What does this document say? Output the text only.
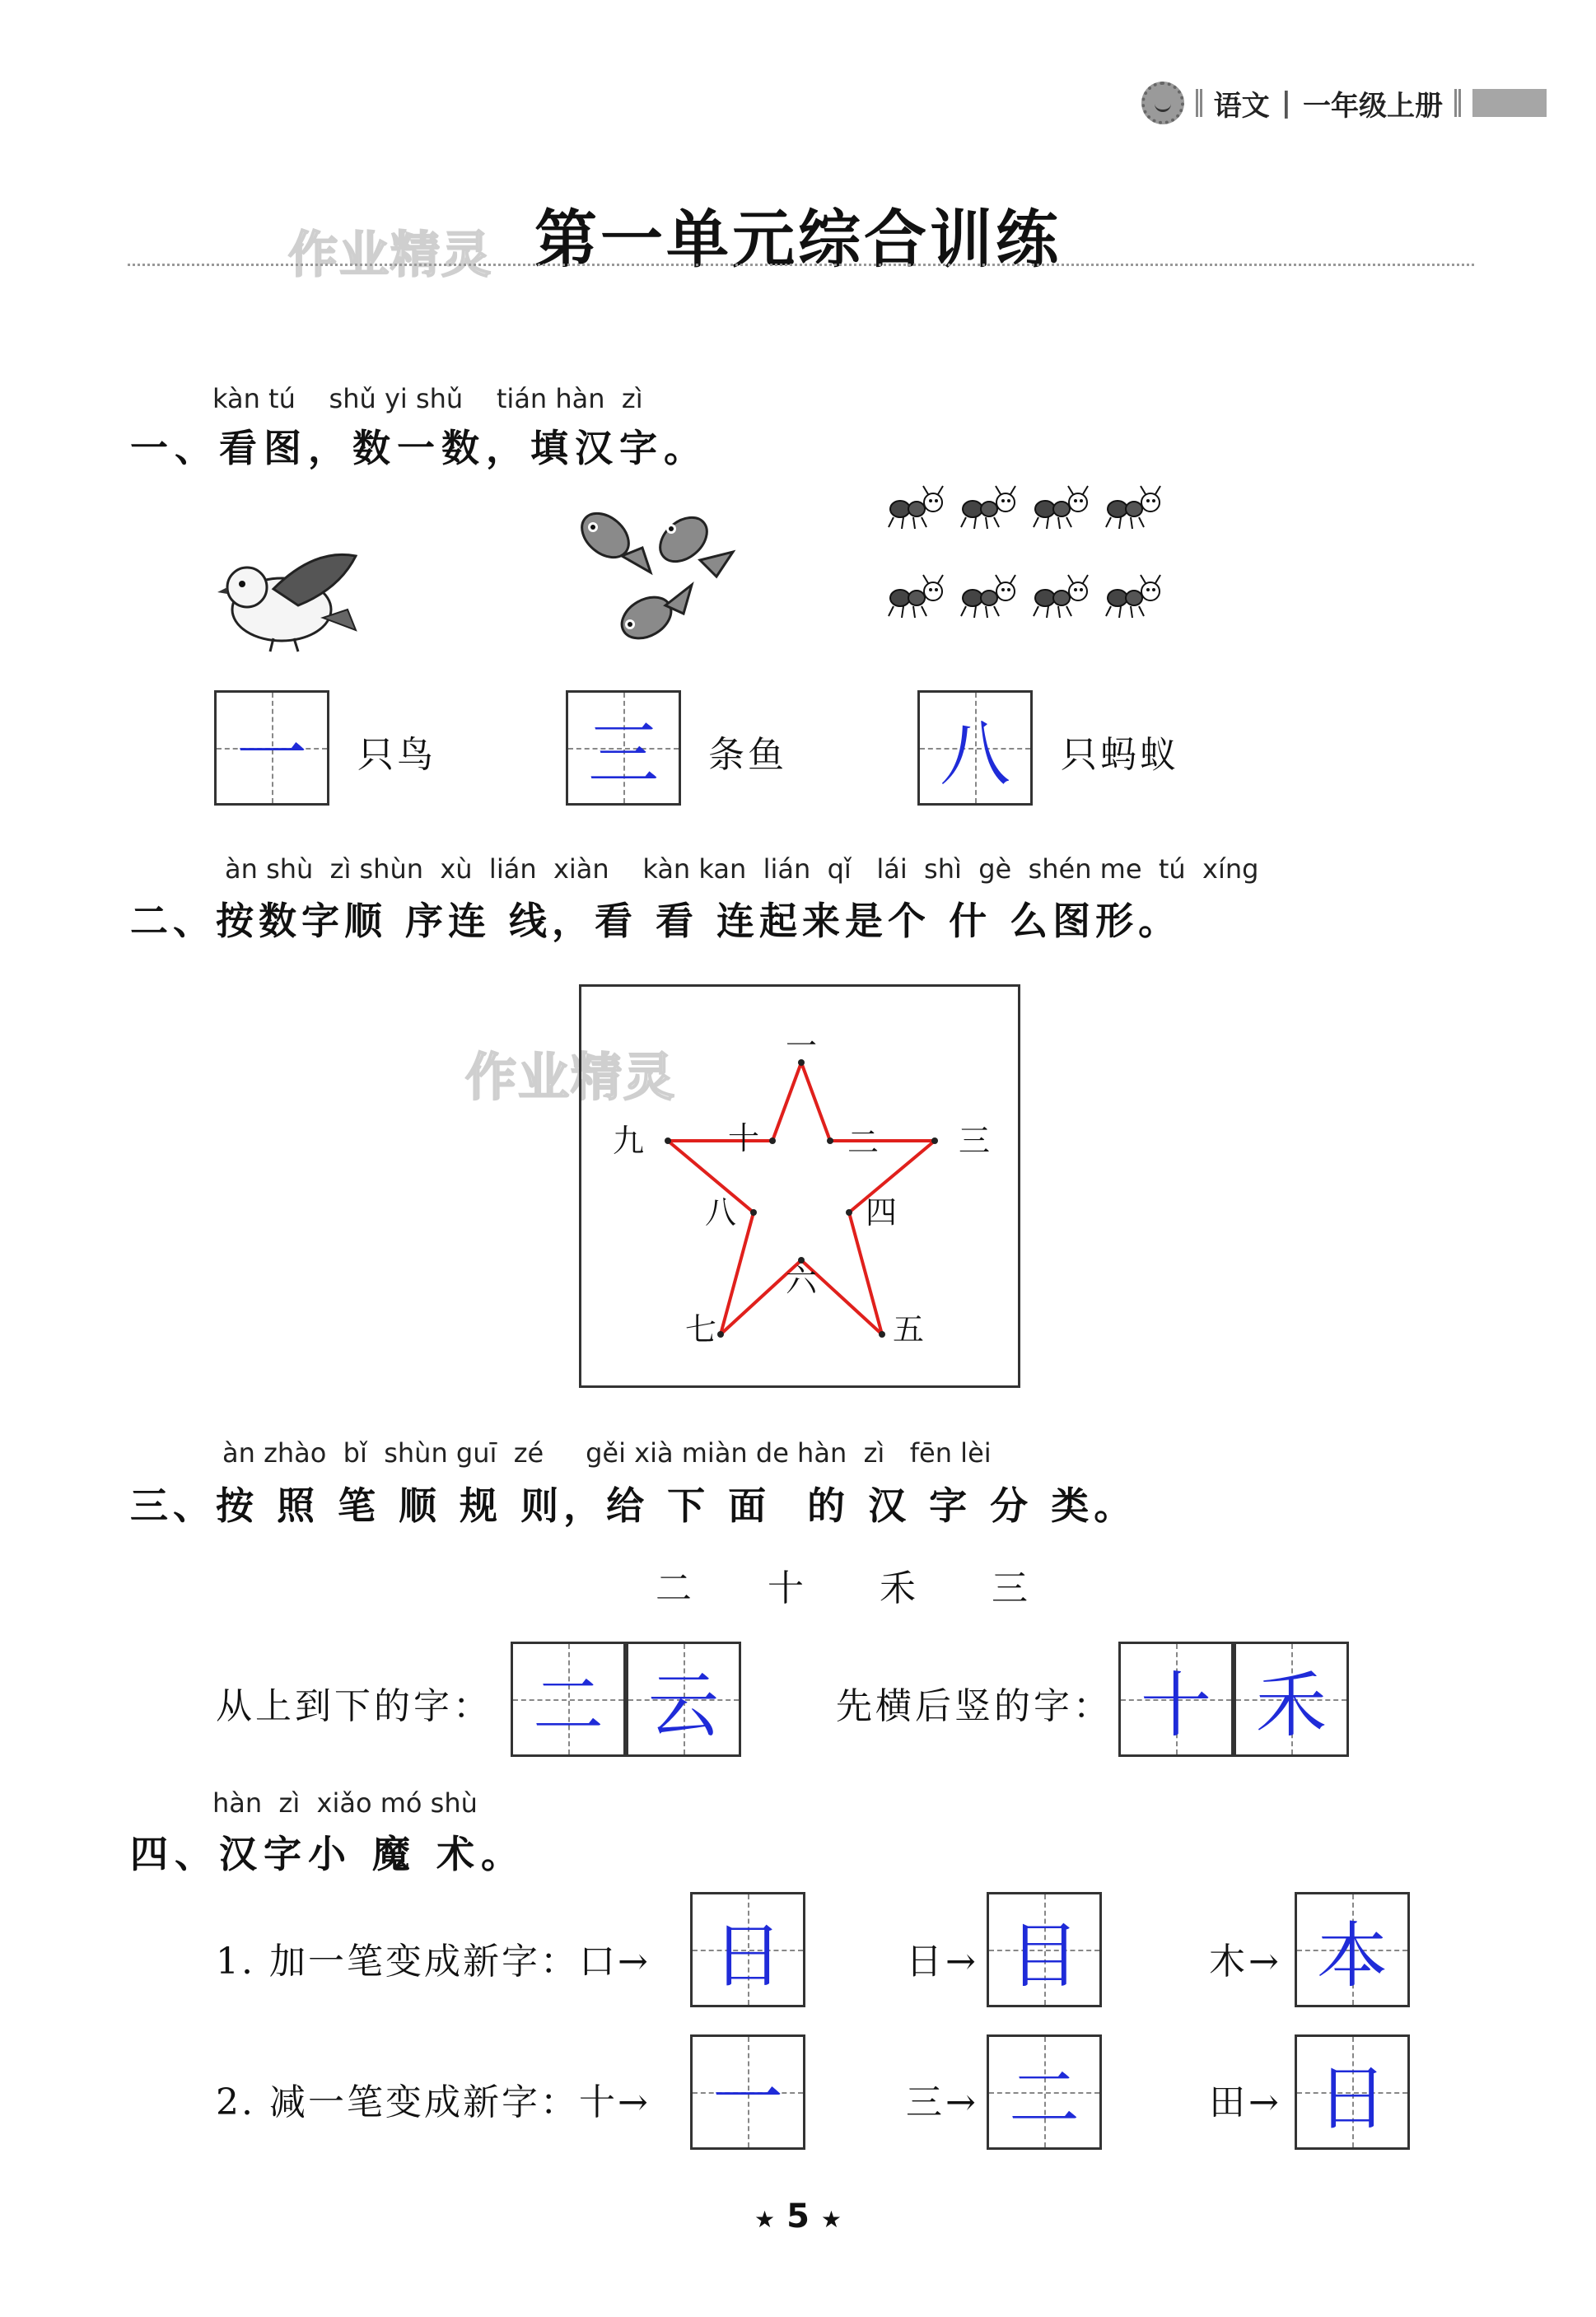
语文 | 一年级上册
作业精灵 第一单元综合训练
kàn tú    shǔ yi shǔ    tián hàn  zì
一、看图，数一数，填汉字。
一	只鸟 三	条鱼 八	只蚂蚁
àn shù  zì shùn  xù  lián  xiàn    kàn kan  lián  qǐ   lái  shì  gè  shén me  tú  xíng
二、按数字顺 序连 线，看 看 连起来是个 什 么图形。
作业精灵
一
二	三
四
五
六
七
八
九	十
àn zhào  bǐ  shùn guī  zé     gěi xià miàn de hàn  zì   fēn lèi
三、按 照 笔 顺 规 则，给 下 面  的 汉 字 分 类。
二 十 禾 三
从上到下的字： 二 云	先横后竖的字： 十 禾
hàn  zì  xiǎo mó shù
四、汉字小 魔 术。
1. 加一笔变成新字：口→ 日	日→ 目	木→ 本
2. 减一笔变成新字：十→ 一	三→ 二	田→ 日
★ 5 ★
